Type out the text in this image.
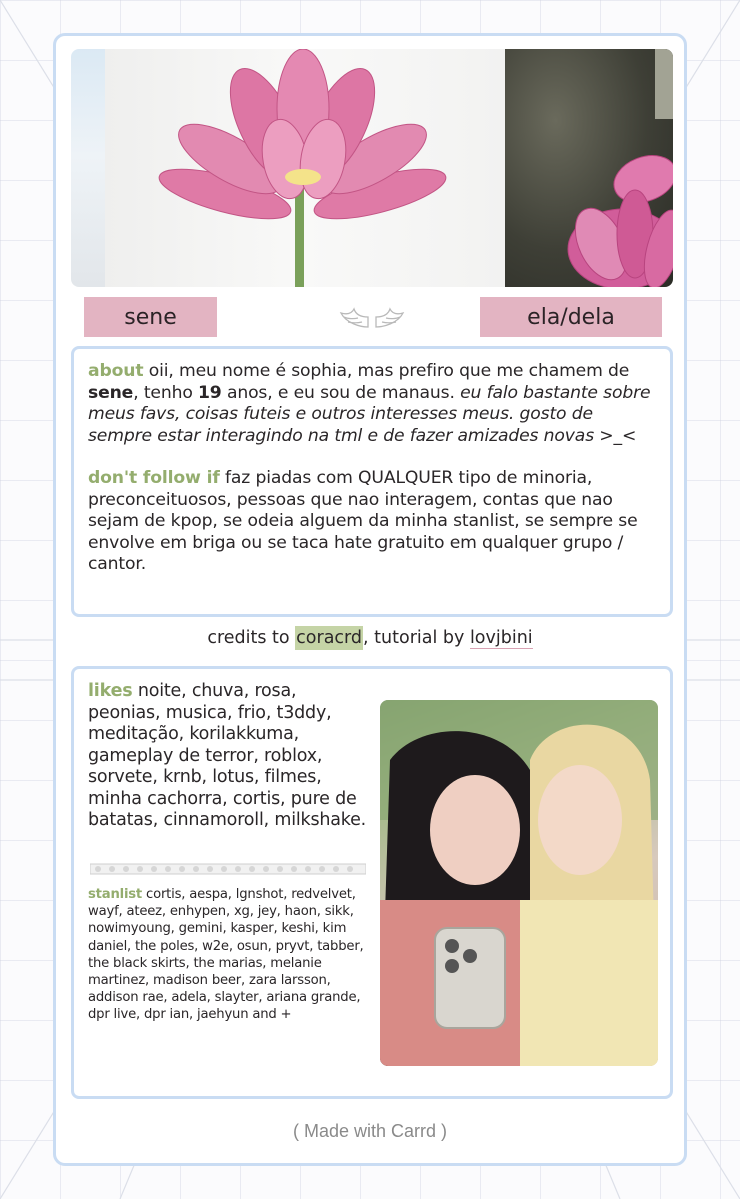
sene	ela/dela

about oii, meu nome é sophia, mas prefiro que me chamem de sene, tenho 19 anos, e eu sou de manaus. eu falo bastante sobre meus favs, coisas futeis e outros interesses meus. gosto de sempre estar interagindo na tml e de fazer amizades novas >_<

don't follow if faz piadas com QUALQUER tipo de minoria, preconceituosos, pessoas que nao interagem, contas que nao sejam de kpop, se odeia alguem da minha stanlist, se sempre se envolve em briga ou se taca hate gratuito em qualquer grupo / cantor.

credits to coracrd, tutorial by lovjbini
likes noite, chuva, rosa, peonias, musica, frio, t3ddy, meditação, korilakkuma, gameplay de terror, roblox, sorvete, krnb, lotus, filmes, minha cachorra, cortis, pure de batatas, cinnamoroll, milkshake.
stanlist cortis, aespa, lgnshot, redvelvet, wayf, ateez, enhypen, xg, jey, haon, sikk, nowimyoung, gemini, kasper, keshi, kim daniel, the poles, w2e, osun, pryvt, tabber, the black skirts, the marias, melanie martinez, madison beer, zara larsson, addison rae, adela, slayter, ariana grande, dpr live, dpr ian, jaehyun and +
( Made with Carrd )
